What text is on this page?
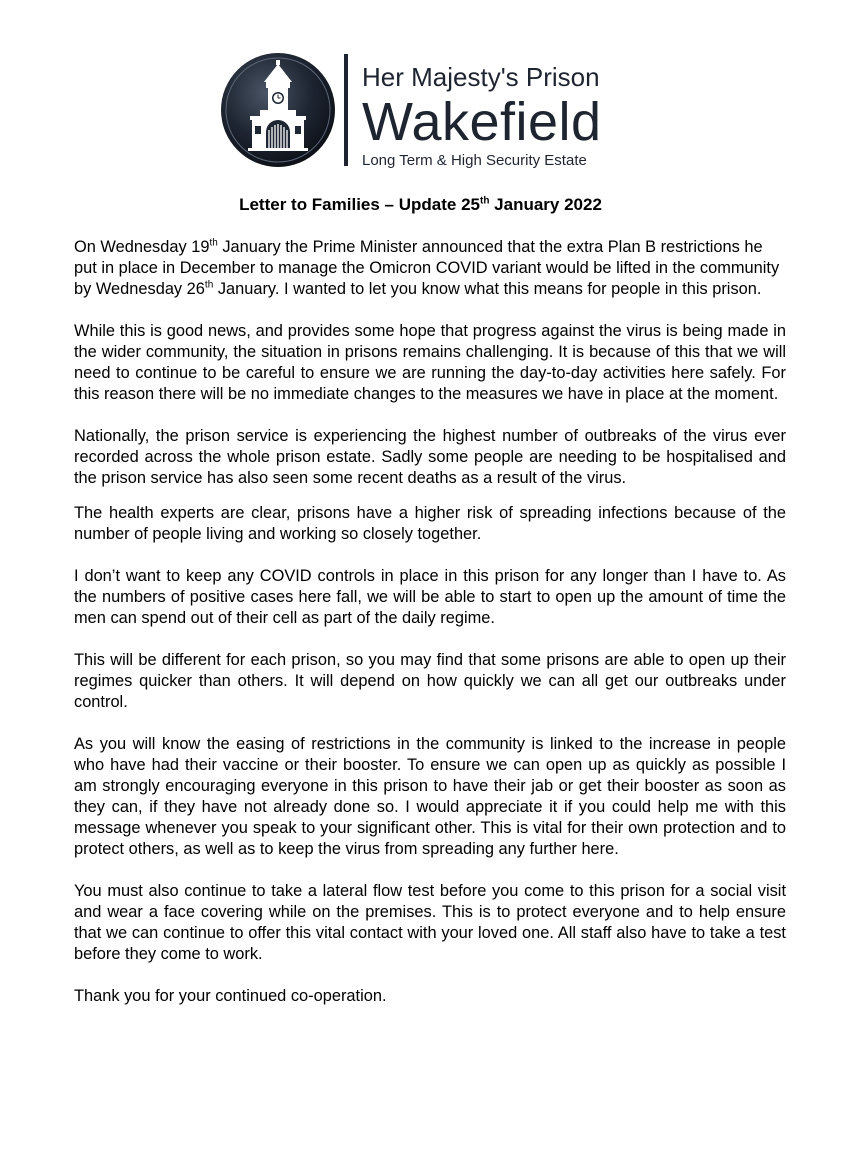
Her Majesty's Prison
Wakefield
Long Term & High Security Estate
Letter to Families – Update 25th January 2022

On Wednesday 19th January the Prime Minister announced that the extra Plan B restrictions he put in place in December to manage the Omicron COVID variant would be lifted in the community by Wednesday 26th January. I wanted to let you know what this means for people in this prison.

While this is good news, and provides some hope that progress against the virus is being made in the wider community, the situation in prisons remains challenging. It is because of this that we will need to continue to be careful to ensure we are running the day-to-day activities here safely. For this reason there will be no immediate changes to the measures we have in place at the moment.

Nationally, the prison service is experiencing the highest number of outbreaks of the virus ever recorded across the whole prison estate. Sadly some people are needing to be hospitalised and the prison service has also seen some recent deaths as a result of the virus.

The health experts are clear, prisons have a higher risk of spreading infections because of the number of people living and working so closely together.

I don’t want to keep any COVID controls in place in this prison for any longer than I have to. As the numbers of positive cases here fall, we will be able to start to open up the amount of time the men can spend out of their cell as part of the daily regime.

This will be different for each prison, so you may find that some prisons are able to open up their regimes quicker than others. It will depend on how quickly we can all get our outbreaks under control.

As you will know the easing of restrictions in the community is linked to the increase in people who have had their vaccine or their booster. To ensure we can open up as quickly as possible I am strongly encouraging everyone in this prison to have their jab or get their booster as soon as they can, if they have not already done so. I would appreciate it if you could help me with this message whenever you speak to your significant other. This is vital for their own protection and to protect others, as well as to keep the virus from spreading any further here.

You must also continue to take a lateral flow test before you come to this prison for a social visit and wear a face covering while on the premises. This is to protect everyone and to help ensure that we can continue to offer this vital contact with your loved one. All staff also have to take a test before they come to work.

Thank you for your continued co-operation.
